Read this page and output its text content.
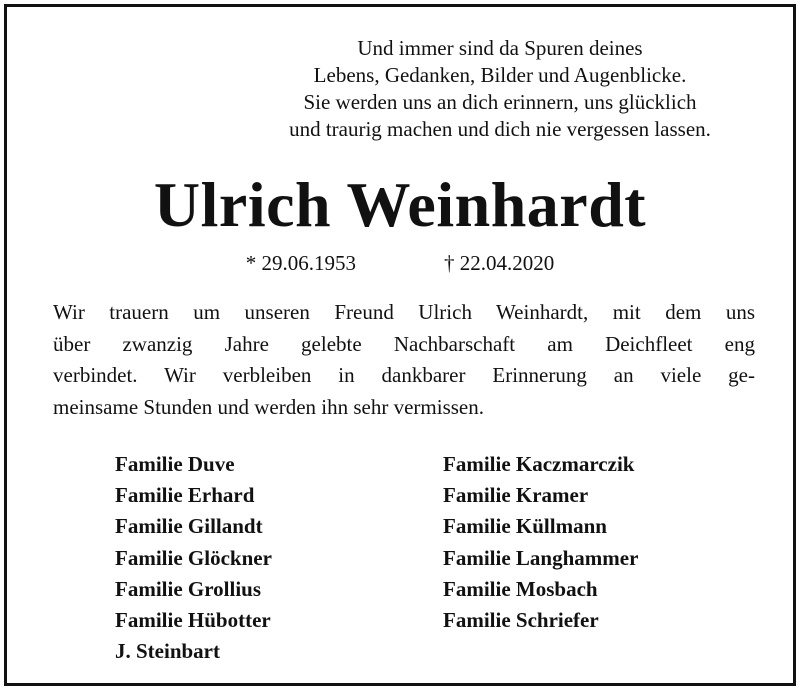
Und immer sind da Spuren deines
Lebens, Gedanken, Bilder und Augenblicke.
Sie werden uns an dich erinnern, uns glücklich
und traurig machen und dich nie vergessen lassen.
Ulrich Weinhardt
* 29.06.1953	† 22.04.2020
Wir trauern um unseren Freund Ulrich Weinhardt, mit dem uns
über zwanzig Jahre gelebte Nachbarschaft am Deichfleet eng
verbindet. Wir verbleiben in dankbarer Erinnerung an viele ge-
meinsame Stunden und werden ihn sehr vermissen.
Familie Duve
Familie Erhard
Familie Gillandt
Familie Glöckner
Familie Grollius
Familie Hübotter
J. Steinbart
Familie Kaczmarczik
Familie Kramer
Familie Küllmann
Familie Langhammer
Familie Mosbach
Familie Schriefer
